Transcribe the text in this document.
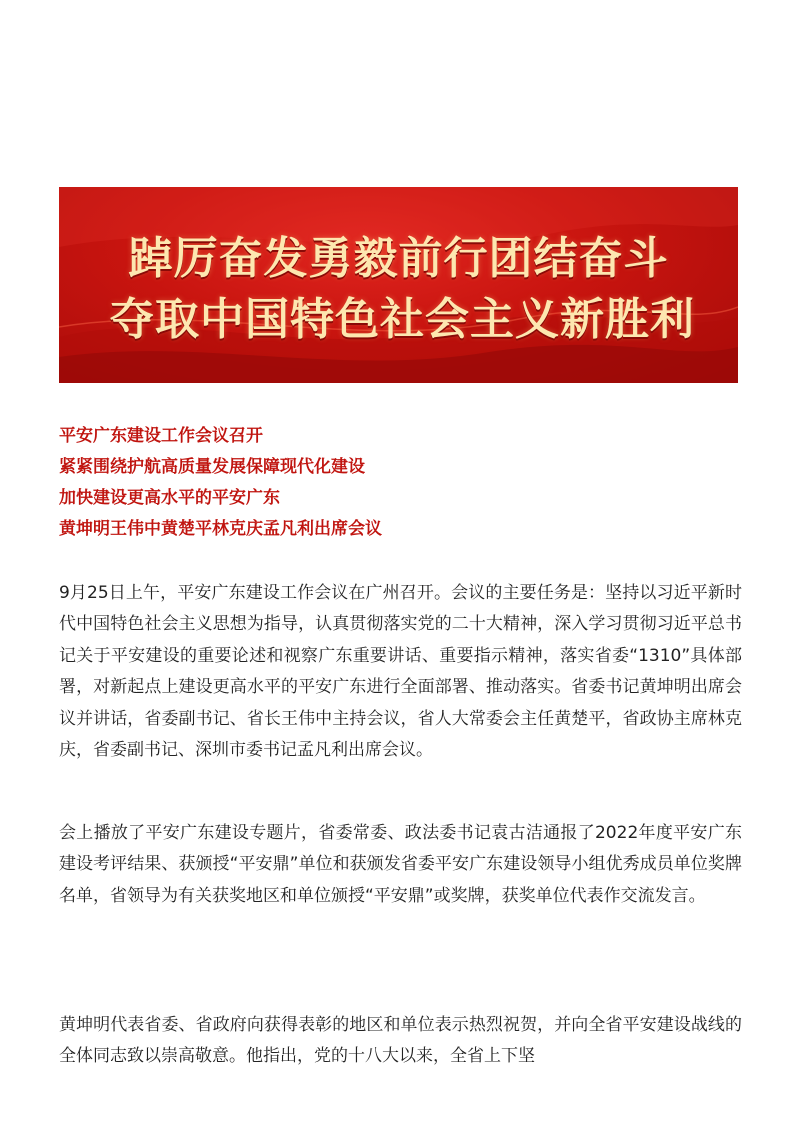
踔厉奋发勇毅前行团结奋斗
夺取中国特色社会主义新胜利
平安广东建设工作会议召开
紧紧围绕护航高质量发展保障现代化建设
加快建设更高水平的平安广东
黄坤明王伟中黄楚平林克庆孟凡利出席会议

9月25日上午，平安广东建设工作会议在广州召开。会议的主要任务是：坚持以习近平新时代中国特色社会主义思想为指导，认真贯彻落实党的二十大精神，深入学习贯彻习近平总书记关于平安建设的重要论述和视察广东重要讲话、重要指示精神，落实省委“1310”具体部署，对新起点上建设更高水平的平安广东进行全面部署、推动落实。省委书记黄坤明出席会议并讲话，省委副书记、省长王伟中主持会议，省人大常委会主任黄楚平，省政协主席林克庆，省委副书记、深圳市委书记孟凡利出席会议。

会上播放了平安广东建设专题片，省委常委、政法委书记袁古洁通报了2022年度平安广东建设考评结果、获颁授“平安鼎”单位和获颁发省委平安广东建设领导小组优秀成员单位奖牌名单，省领导为有关获奖地区和单位颁授“平安鼎”或奖牌，获奖单位代表作交流发言。

黄坤明代表省委、省政府向获得表彰的地区和单位表示热烈祝贺，并向全省平安建设战线的全体同志致以崇高敬意。他指出，党的十八大以来，全省上下坚
